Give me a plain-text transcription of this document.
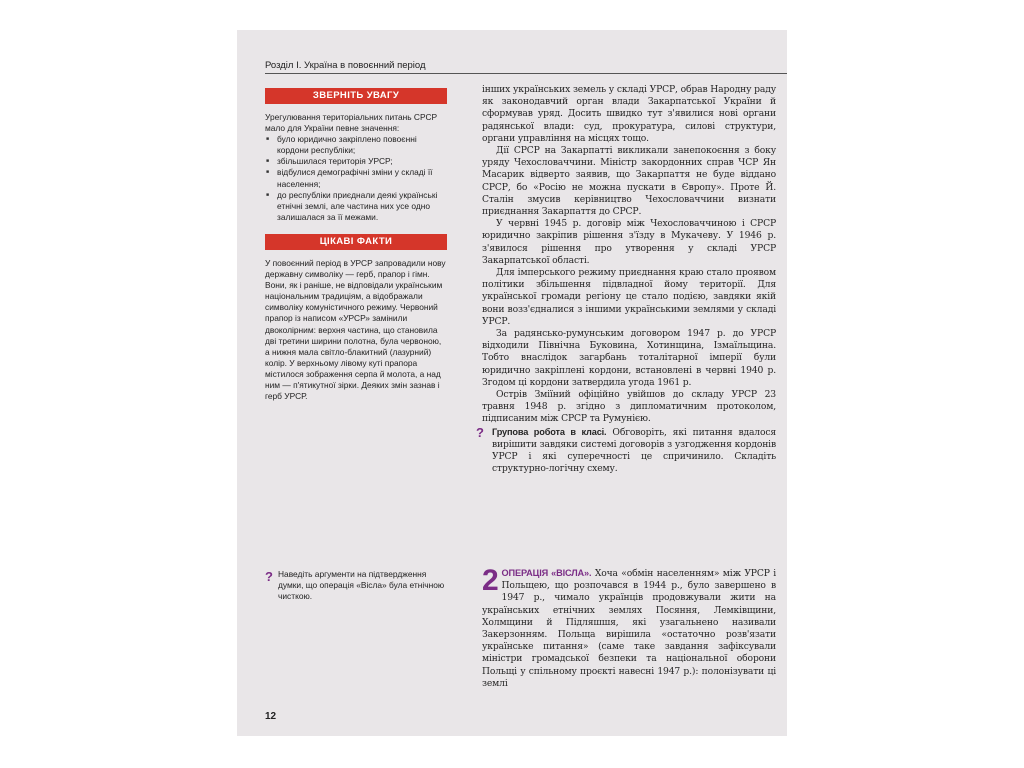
Розділ І. Україна в повоєнний період
ЗВЕРНІТЬ УВАГУ

Урегулювання територіальних питань СРСР мало для України певне значення:

■ було юридично закріплено повоєнні кордони республіки;
■ збільшилася територія УРСР;
■ відбулися демографічні зміни у складі її населення;
■ до республіки приєднали деякі українські етнічні землі, але частина них усе одно залишалася за її межами.
ЦІКАВІ ФАКТИ

У повоєнний період в УРСР запровадили нову державну символіку — герб, прапор і гімн. Вони, як і раніше, не відповідали українським національним традиціям, а відображали символіку комуністичного режиму. Червоний прапор із написом «УРСР» замінили двоколірним: верхня частина, що становила дві третини ширини полотна, була червоною, а нижня мала світло-блакитний (лазурний) колір. У верхньому лівому куті прапора містилося зображення серпа й молота, а над ним — п'ятикутної зірки. Деяких змін зазнав і герб УРСР.

? Наведіть аргументи на підтвердження думки, що операція «Вісла» була етнічною чисткою.

інших українських земель у складі УРСР, обрав Народну раду як законодавчий орган влади Закарпатської України й сформував уряд. Досить швидко тут з'явилися нові органи радянської влади: суд, прокуратура, силові структури, органи управління на місцях тощо.

Дії СРСР на Закарпатті викликали занепокоєння з боку уряду Чехословаччини. Міністр закордонних справ ЧСР Ян Масарик відверто заявив, що Закарпаття не буде віддано СРСР, бо «Росію не можна пускати в Європу». Проте Й. Сталін змусив керівництво Чехословаччини визнати приєднання Закарпаття до СРСР.

У червні 1945 р. договір між Чехословаччиною і СРСР юридично закріпив рішення з'їзду в Мукачеву. У 1946 р. з'явилося рішення про утворення у складі УРСР Закарпатської області.

Для імперського режиму приєднання краю стало проявом політики збільшення підвладної йому території. Для української громади регіону це стало подією, завдяки якій вони возз'єдналися з іншими українськими землями у складі УРСР.

За радянсько-румунським договором 1947 р. до УРСР відходили Північна Буковина, Хотинщина, Ізмаїльщина. Тобто внаслідок загарбань тоталітарної імперії були юридично закріплені кордони, встановлені в червні 1940 р. Згодом ці кордони затвердила угода 1961 р.

Острів Зміїний офіційно увійшов до складу УРСР 23 травня 1948 р. згідно з дипломатичним протоколом, підписаним між СРСР та Румунією.

? Групова робота в класі. Обговоріть, які питання вдалося вирішити завдяки системі договорів з узгодження кордонів УРСР і які суперечності це спричинило. Складіть структурно-логічну схему.

2 ОПЕРАЦІЯ «ВІСЛА». Хоча «обмін населенням» між УРСР і Польщею, що розпочався в 1944 р., було завершено в 1947 р., чимало українців продовжували жити на українських етнічних землях Посяння, Лемківщини, Холмщини й Підляшшя, які узагальнено називали Закерзонням. Польща вирішила «остаточно розв'язати українське питання» (саме таке завдання зафіксували міністри громадської безпеки та національної оборони Польщі у спільному проєкті навесні 1947 р.): полонізувати ці землі
12
